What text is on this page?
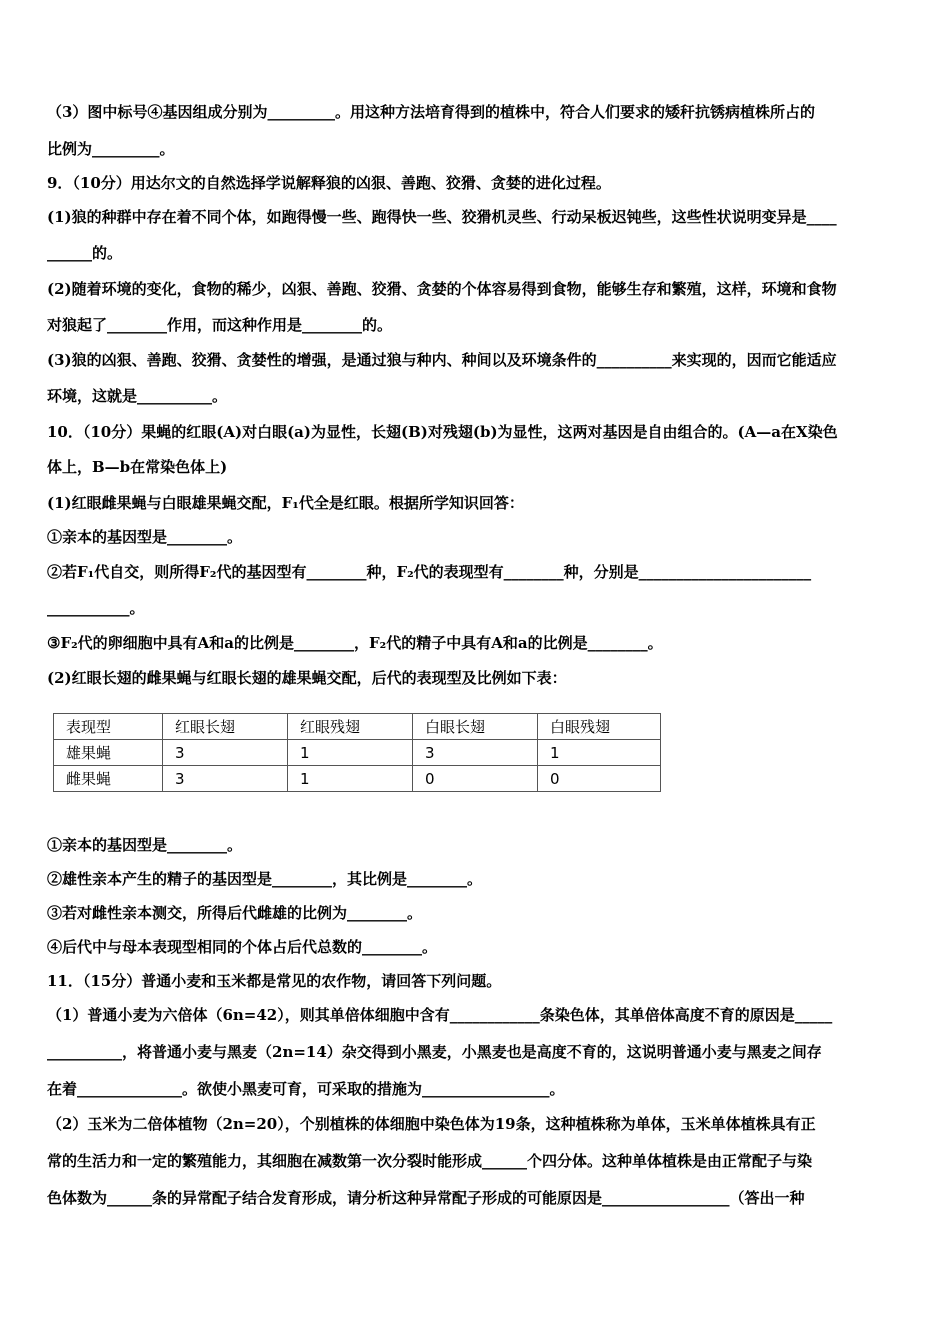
（3）图中标号④基因组成分别为_________。用这种方法培育得到的植株中，符合人们要求的矮秆抗锈病植株所占的
比例为_________。
9．（10分）用达尔文的自然选择学说解释狼的凶狠、善跑、狡猾、贪婪的进化过程。
(1)狼的种群中存在着不同个体，如跑得慢一些、跑得快一些、狡猾机灵些、行动呆板迟钝些，这些性状说明变异是____
______的。
(2)随着环境的变化，食物的稀少，凶狠、善跑、狡猾、贪婪的个体容易得到食物，能够生存和繁殖，这样，环境和食物
对狼起了________作用，而这种作用是________的。
(3)狼的凶狠、善跑、狡猾、贪婪性的增强，是通过狼与种内、种间以及环境条件的__________来实现的，因而它能适应
环境，这就是__________。
10．（10分）果蝇的红眼(A)对白眼(a)为显性，长翅(B)对残翅(b)为显性，这两对基因是自由组合的。(A—a在X染色
体上，B—b在常染色体上)
(1)红眼雌果蝇与白眼雄果蝇交配，F₁代全是红眼。根据所学知识回答：
①亲本的基因型是________。
②若F₁代自交，则所得F₂代的基因型有________种，F₂代的表现型有________种，分别是_______________________
___________。
③F₂代的卵细胞中具有A和a的比例是________，F₂代的精子中具有A和a的比例是________。
(2)红眼长翅的雌果蝇与红眼长翅的雄果蝇交配，后代的表现型及比例如下表：
表现型	红眼长翅	红眼残翅	白眼长翅	白眼残翅
雄果蝇	3	1	3	1
雌果蝇	3	1	0	0
①亲本的基因型是________。
②雄性亲本产生的精子的基因型是________，其比例是________。
③若对雌性亲本测交，所得后代雌雄的比例为________。
④后代中与母本表现型相同的个体占后代总数的________。
11．（15分）普通小麦和玉米都是常见的农作物，请回答下列问题。
（1）普通小麦为六倍体（6n=42），则其单倍体细胞中含有____________条染色体，其单倍体高度不育的原因是_____
__________，将普通小麦与黑麦（2n=14）杂交得到小黑麦，小黑麦也是高度不育的，这说明普通小麦与黑麦之间存
在着______________。欲使小黑麦可育，可采取的措施为_________________。
（2）玉米为二倍体植物（2n=20），个别植株的体细胞中染色体为19条，这种植株称为单体，玉米单体植株具有正
常的生活力和一定的繁殖能力，其细胞在减数第一次分裂时能形成______个四分体。这种单体植株是由正常配子与染
色体数为______条的异常配子结合发育形成，请分析这种异常配子形成的可能原因是_________________（答出一种
